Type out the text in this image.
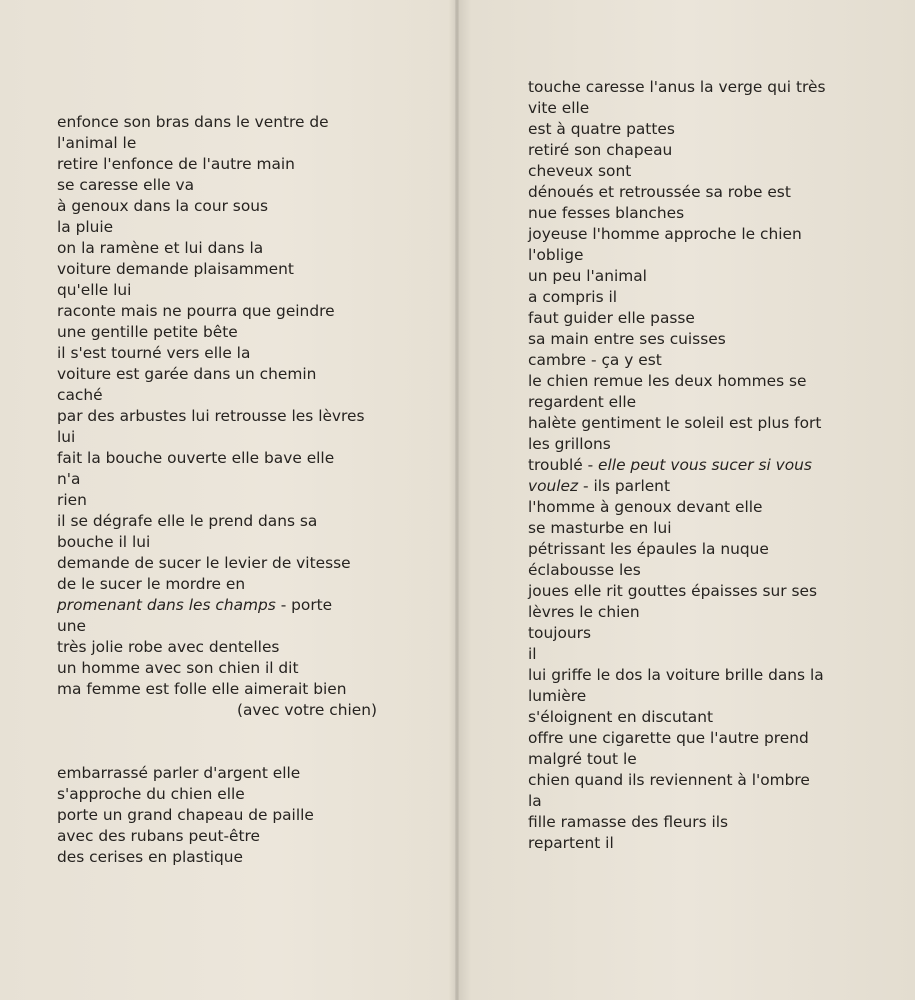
enfonce son bras dans le ventre de
l'animal le
retire l'enfonce de l'autre main
se caresse elle va
à genoux dans la cour sous
la pluie
on la ramène et lui dans la
voiture demande plaisamment
qu'elle lui
raconte mais ne pourra que geindre
une gentille petite bête
il s'est tourné vers elle la
voiture est garée dans un chemin
caché
par des arbustes lui retrousse les lèvres
lui
fait la bouche ouverte elle bave elle
n'a
rien
il se dégrafe elle le prend dans sa
bouche il lui
demande de sucer le levier de vitesse
de le sucer le mordre en
promenant dans les champs - porte
une
très jolie robe avec dentelles
un homme avec son chien il dit
ma femme est folle elle aimerait bien
(avec votre chien)
embarrassé parler d'argent elle
s'approche du chien elle
porte un grand chapeau de paille
avec des rubans peut-être
des cerises en plastique
touche caresse l'anus la verge qui très
vite elle
est à quatre pattes
retiré son chapeau
cheveux sont
dénoués et retroussée sa robe est
nue fesses blanches
joyeuse l'homme approche le chien
l'oblige
un peu l'animal
a compris il
faut guider elle passe
sa main entre ses cuisses
cambre - ça y est
le chien remue les deux hommes se
regardent elle
halète gentiment le soleil est plus fort
les grillons
troublé - elle peut vous sucer si vous
voulez - ils parlent
l'homme à genoux devant elle
se masturbe en lui
pétrissant les épaules la nuque
éclabousse les
joues elle rit gouttes épaisses sur ses
lèvres le chien
toujours
il
lui griffe le dos la voiture brille dans la
lumière
s'éloignent en discutant
offre une cigarette que l'autre prend
malgré tout le
chien quand ils reviennent à l'ombre
la
fille ramasse des fleurs ils
repartent il
